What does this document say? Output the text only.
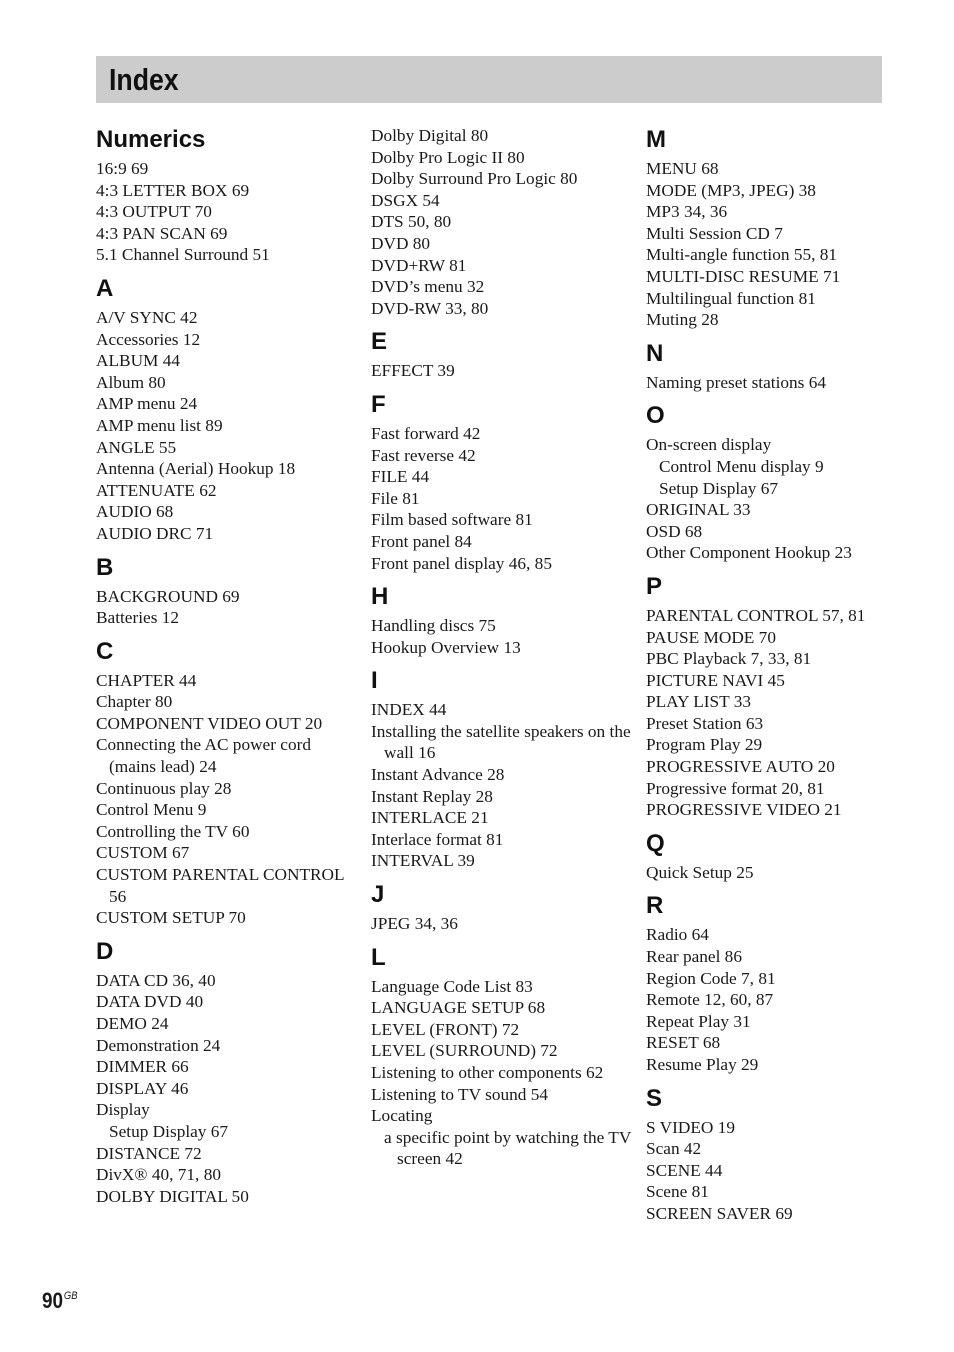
Index
Numerics
16:9 69
4:3 LETTER BOX 69
4:3 OUTPUT 70
4:3 PAN SCAN 69
5.1 Channel Surround 51
A
A/V SYNC 42
Accessories 12
ALBUM 44
Album 80
AMP menu 24
AMP menu list 89
ANGLE 55
Antenna (Aerial) Hookup 18
ATTENUATE 62
AUDIO 68
AUDIO DRC 71
B
BACKGROUND 69
Batteries 12
C
CHAPTER 44
Chapter 80
COMPONENT VIDEO OUT 20
Connecting the AC power cord (mains lead) 24
Continuous play 28
Control Menu 9
Controlling the TV 60
CUSTOM 67
CUSTOM PARENTAL CONTROL 56
CUSTOM SETUP 70
D
DATA CD 36, 40
DATA DVD 40
DEMO 24
Demonstration 24
DIMMER 66
DISPLAY 46
Display
Setup Display 67
DISTANCE 72
DivX® 40, 71, 80
DOLBY DIGITAL 50
Dolby Digital 80
Dolby Pro Logic II 80
Dolby Surround Pro Logic 80
DSGX 54
DTS 50, 80
DVD 80
DVD+RW 81
DVD’s menu 32
DVD-RW 33, 80
E
EFFECT 39
F
Fast forward 42
Fast reverse 42
FILE 44
File 81
Film based software 81
Front panel 84
Front panel display 46, 85
H
Handling discs 75
Hookup Overview 13
I
INDEX 44
Installing the satellite speakers on the wall 16
Instant Advance 28
Instant Replay 28
INTERLACE 21
Interlace format 81
INTERVAL 39
J
JPEG 34, 36
L
Language Code List 83
LANGUAGE SETUP 68
LEVEL (FRONT) 72
LEVEL (SURROUND) 72
Listening to other components 62
Listening to TV sound 54
Locating
a specific point by watching the TV screen 42
M
MENU 68
MODE (MP3, JPEG) 38
MP3 34, 36
Multi Session CD 7
Multi-angle function 55, 81
MULTI-DISC RESUME 71
Multilingual function 81
Muting 28
N
Naming preset stations 64
O
On-screen display
Control Menu display 9
Setup Display 67
ORIGINAL 33
OSD 68
Other Component Hookup 23
P
PARENTAL CONTROL 57, 81
PAUSE MODE 70
PBC Playback 7, 33, 81
PICTURE NAVI 45
PLAY LIST 33
Preset Station 63
Program Play 29
PROGRESSIVE AUTO 20
Progressive format 20, 81
PROGRESSIVE VIDEO 21
Q
Quick Setup 25
R
Radio 64
Rear panel 86
Region Code 7, 81
Remote 12, 60, 87
Repeat Play 31
RESET 68
Resume Play 29
S
S VIDEO 19
Scan 42
SCENE 44
Scene 81
SCREEN SAVER 69
$90^{GB}$
